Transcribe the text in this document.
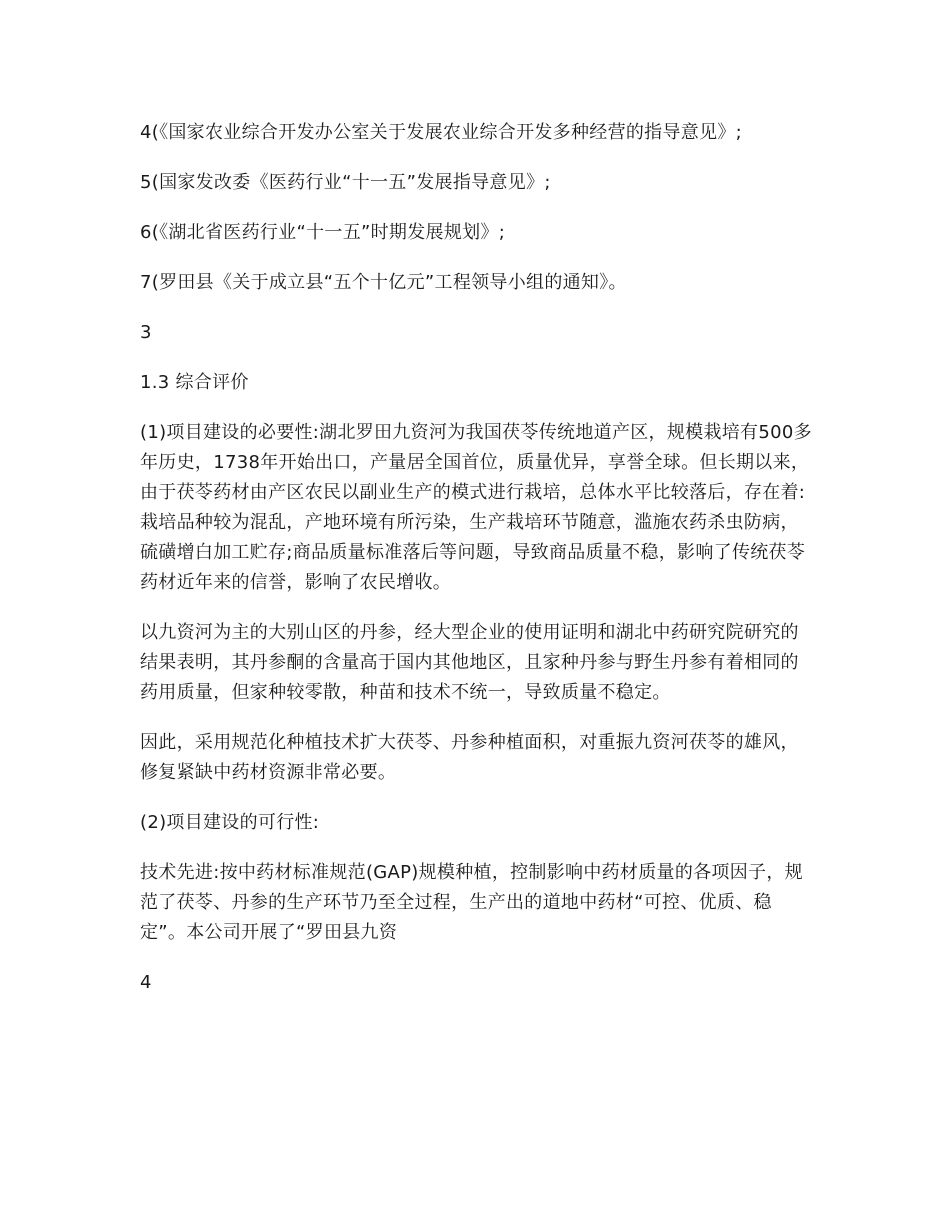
4(《国家农业综合开发办公室关于发展农业综合开发多种经营的指导意见》;

5(国家发改委《医药行业“十一五”发展指导意见》;

6(《湖北省医药行业“十一五”时期发展规划》;

7(罗田县《关于成立县“五个十亿元”工程领导小组的通知》。

3

1.3 综合评价

(1)项目建设的必要性:湖北罗田九资河为我国茯苓传统地道产区，规模栽培有500多年历史，1738年开始出口，产量居全国首位，质量优异，享誉全球。但长期以来，由于茯苓药材由产区农民以副业生产的模式进行栽培，总体水平比较落后，存在着:栽培品种较为混乱，产地环境有所污染，生产栽培环节随意，滥施农药杀虫防病，硫磺增白加工贮存;商品质量标准落后等问题，导致商品质量不稳，影响了传统茯苓药材近年来的信誉，影响了农民增收。

以九资河为主的大别山区的丹参，经大型企业的使用证明和湖北中药研究院研究的结果表明，其丹参酮的含量高于国内其他地区，且家种丹参与野生丹参有着相同的药用质量，但家种较零散，种苗和技术不统一，导致质量不稳定。

因此，采用规范化种植技术扩大茯苓、丹参种植面积，对重振九资河茯苓的雄风，修复紧缺中药材资源非常必要。

(2)项目建设的可行性:

技术先进:按中药材标准规范(GAP)规模种植，控制影响中药材质量的各项因子，规范了茯苓、丹参的生产环节乃至全过程，生产出的道地中药材“可控、优质、稳定”。本公司开展了“罗田县九资

4
